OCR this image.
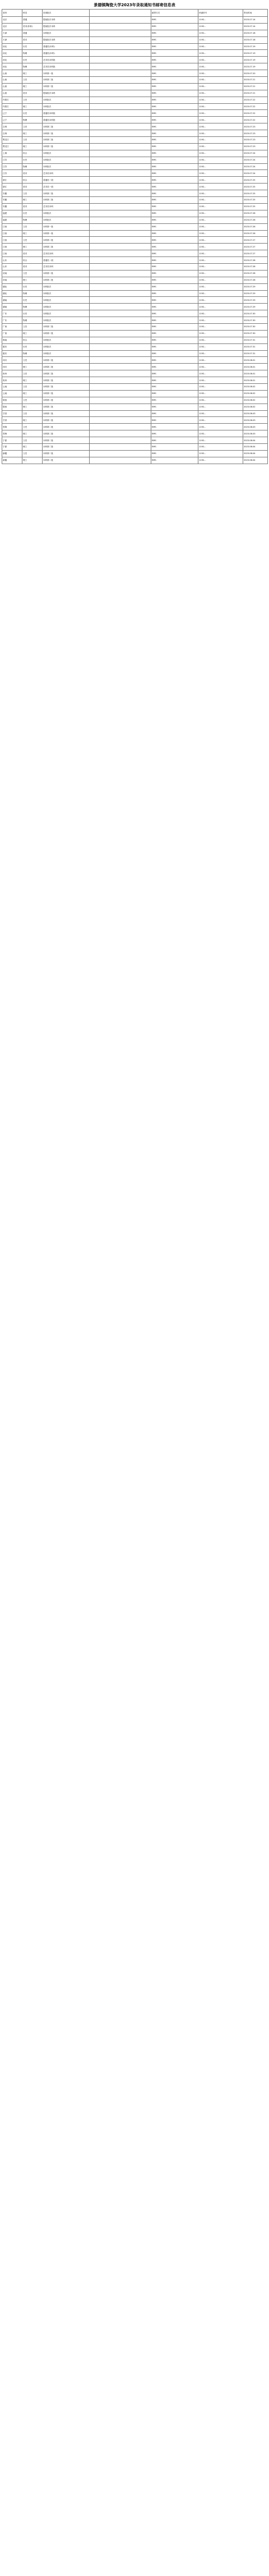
景德镇陶瓷大学2023年录取通知书邮寄信息表
省份	科类	类别批次		邮寄方式	快递单号	寄出时间
北京	普通	提前批次本科		EMS	1192...	2023.07.14
北京	美术(体育)	提前批次本科		EMS	1192...	2023.07.14
天津	普通	本科批次		EMS	1192...	2023.07.18
天津	美术	提前批次本科		EMS	1192...	2023.07.18
河北	历史	普通类(本科)		EMS	1192...	2023.07.19
河北	物理	普通类(本科)		EMS	1192...	2023.07.19
河北	历史	艺术类本科批		EMS	1192...	2023.07.19
河北	物理	艺术类本科批		EMS	1192...	2023.07.19
山西	理工	本科第一批		EMS	1192...	2023.07.20
山西	文史	本科第二批		EMS	1192...	2023.07.21
山西	理工	本科第二批		EMS	1192...	2023.07.21
山西	美术	提前批次本科		EMS	1192...	2023.07.21
内蒙古	文史	本科批次		EMS	1192...	2023.07.22
内蒙古	理工	本科批次		EMS	1192...	2023.07.22
辽宁	历史	普通类本科批		EMS	1192...	2023.07.22
辽宁	物理	普通类本科批		EMS	1192...	2023.07.22
吉林	文史	本科第二批		EMS	1192...	2023.07.23
吉林	理工	本科第二批		EMS	1192...	2023.07.23
黑龙江	文史	本科第二批		EMS	1192...	2023.07.23
黑龙江	理工	本科第二批		EMS	1192...	2023.07.23
上海	综合	本科批次		EMS	1192...	2023.07.24
江苏	历史	本科批次		EMS	1192...	2023.07.24
江苏	物理	本科批次		EMS	1192...	2023.07.24
江苏	美术	艺术类本科		EMS	1192...	2023.07.24
浙江	综合	普通类一段		EMS	1192...	2023.07.25
浙江	美术	艺术类一段		EMS	1192...	2023.07.25
安徽	文史	本科第二批		EMS	1192...	2023.07.25
安徽	理工	本科第二批		EMS	1192...	2023.07.25
安徽	美术	艺术类本科		EMS	1192...	2023.07.25
福建	历史	本科批次		EMS	1192...	2023.07.26
福建	物理	本科批次		EMS	1192...	2023.07.26
江西	文史	本科第一批		EMS	1192...	2023.07.26
江西	理工	本科第一批		EMS	1192...	2023.07.26
江西	文史	本科第二批		EMS	1192...	2023.07.27
江西	理工	本科第二批		EMS	1192...	2023.07.27
江西	美术	艺术类本科		EMS	1192...	2023.07.27
山东	综合	普通类一段		EMS	1192...	2023.07.28
山东	美术	艺术类本科		EMS	1192...	2023.07.28
河南	文史	本科第二批		EMS	1192...	2023.07.28
河南	理工	本科第二批		EMS	1192...	2023.07.28
湖北	历史	本科批次		EMS	1192...	2023.07.29
湖北	物理	本科批次		EMS	1192...	2023.07.29
湖南	历史	本科批次		EMS	1192...	2023.07.29
湖南	物理	本科批次		EMS	1192...	2023.07.29
广东	历史	本科批次		EMS	1192...	2023.07.30
广东	物理	本科批次		EMS	1192...	2023.07.30
广西	文史	本科第二批		EMS	1192...	2023.07.30
广西	理工	本科第二批		EMS	1192...	2023.07.30
海南	综合	本科批次		EMS	1192...	2023.07.31
重庆	历史	本科批次		EMS	1192...	2023.07.31
重庆	物理	本科批次		EMS	1192...	2023.07.31
四川	文史	本科第二批		EMS	1192...	2023.08.01
四川	理工	本科第二批		EMS	1192...	2023.08.01
贵州	文史	本科第二批		EMS	1192...	2023.08.01
贵州	理工	本科第二批		EMS	1192...	2023.08.01
云南	文史	本科第二批		EMS	1192...	2023.08.02
云南	理工	本科第二批		EMS	1192...	2023.08.02
陕西	文史	本科第二批		EMS	1192...	2023.08.02
陕西	理工	本科第二批		EMS	1192...	2023.08.02
甘肃	文史	本科第二批		EMS	1192...	2023.08.03
甘肃	理工	本科第二批		EMS	1192...	2023.08.03
青海	文史	本科第二批		EMS	1192...	2023.08.03
青海	理工	本科第二批		EMS	1192...	2023.08.03
宁夏	文史	本科第二批		EMS	1192...	2023.08.04
宁夏	理工	本科第二批		EMS	1192...	2023.08.04
新疆	文史	本科第二批		EMS	1192...	2023.08.04
新疆	理工	本科第二批		EMS	1192...	2023.08.04
